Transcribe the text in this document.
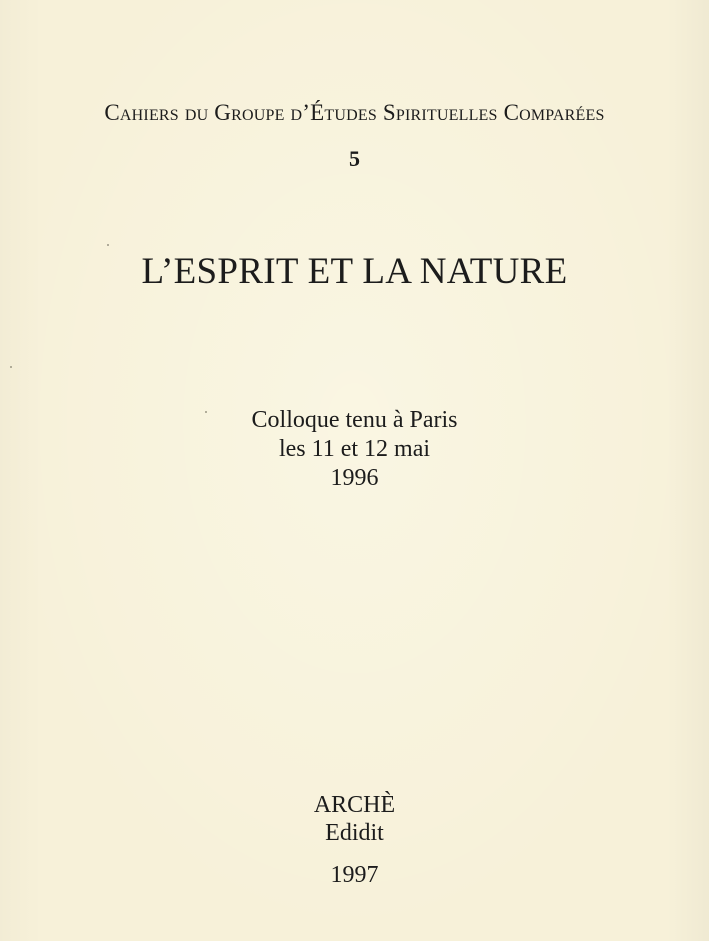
Cahiers du Groupe d’Études Spirituelles Comparées
5
L’ESPRIT ET LA NATURE
Colloque tenu à Paris
les 11 et 12 mai
1996
ARCHÈ
Edidit
1997
